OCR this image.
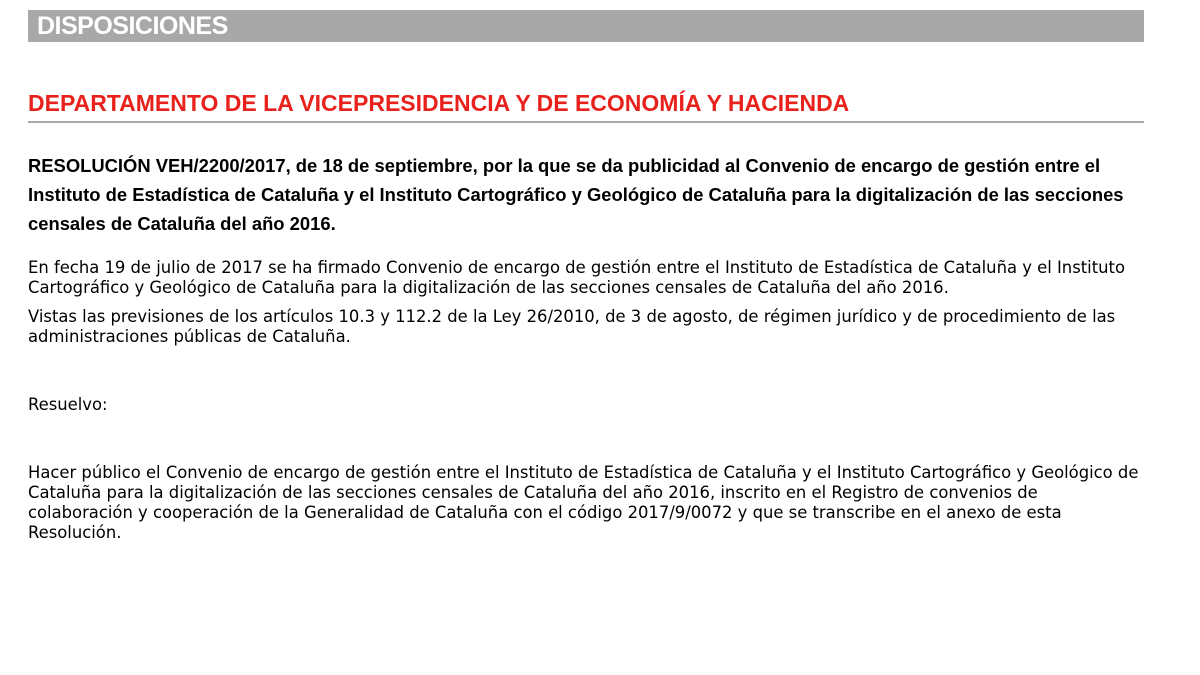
DISPOSICIONES
DEPARTAMENTO DE LA VICEPRESIDENCIA Y DE ECONOMÍA Y HACIENDA
RESOLUCIÓN VEH/2200/2017, de 18 de septiembre, por la que se da publicidad al Convenio de encargo de gestión entre el Instituto de Estadística de Cataluña y el Instituto Cartográfico y Geológico de Cataluña para la digitalización de las secciones censales de Cataluña del año 2016.

En fecha 19 de julio de 2017 se ha firmado Convenio de encargo de gestión entre el Instituto de Estadística de Cataluña y el Instituto Cartográfico y Geológico de Cataluña para la digitalización de las secciones censales de Cataluña del año 2016.

Vistas las previsiones de los artículos 10.3 y 112.2 de la Ley 26/2010, de 3 de agosto, de régimen jurídico y de procedimiento de las administraciones públicas de Cataluña.

Resuelvo:

Hacer público el Convenio de encargo de gestión entre el Instituto de Estadística de Cataluña y el Instituto Cartográfico y Geológico de Cataluña para la digitalización de las secciones censales de Cataluña del año 2016, inscrito en el Registro de convenios de colaboración y cooperación de la Generalidad de Cataluña con el código 2017/9/0072 y que se transcribe en el anexo de esta Resolución.
